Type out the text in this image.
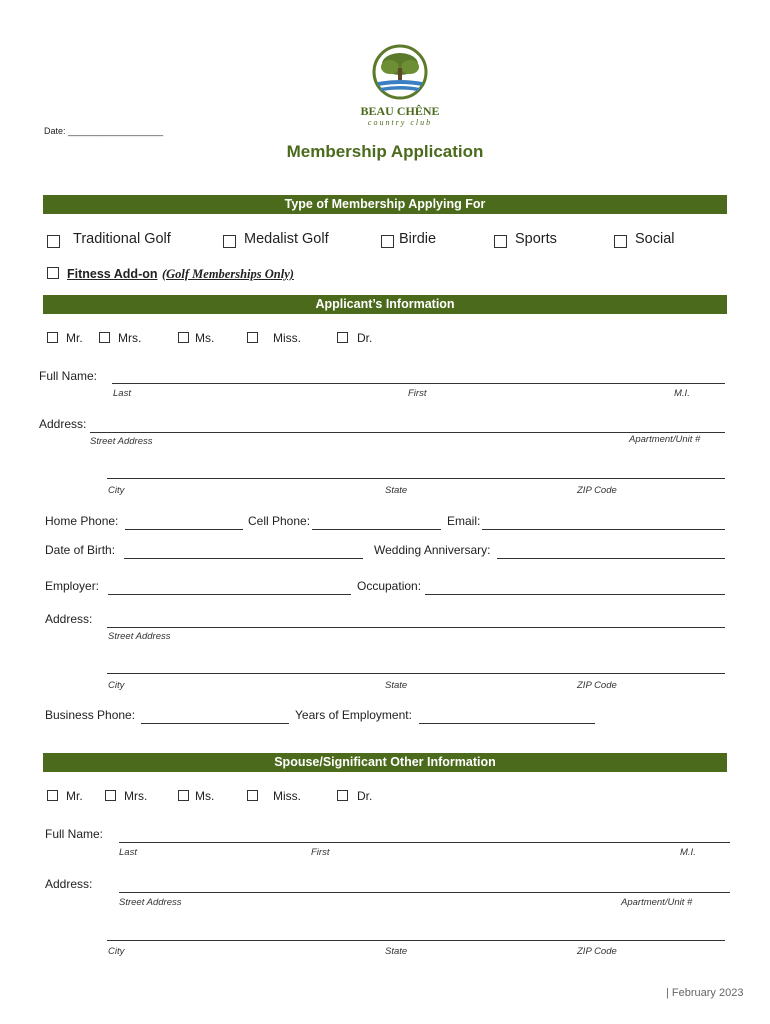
BEAU CHÊNE
country club
Date: ___________________
Membership Application
Type of Membership Applying For
Traditional Golf	Medalist Golf	Birdie	Sports	Social
Fitness Add-on (Golf Memberships Only)
Applicant’s Information
Mr.	Mrs.	Ms.	Miss.	Dr.
Full Name:
Last	First	M.I.
Address:
Street Address	Apartment/Unit #
City	State	ZIP Code
Home Phone:	Cell Phone:	Email:
Date of Birth:	Wedding Anniversary:
Employer:	Occupation:
Address:
Street Address
City	State	ZIP Code
Business Phone:	Years of Employment:
Spouse/Significant Other Information
Mr.	Mrs.	Ms.	Miss.	Dr.
Full Name:
Last	First	M.I.
Address:
Street Address	Apartment/Unit #
City	State	ZIP Code
| February 2023
